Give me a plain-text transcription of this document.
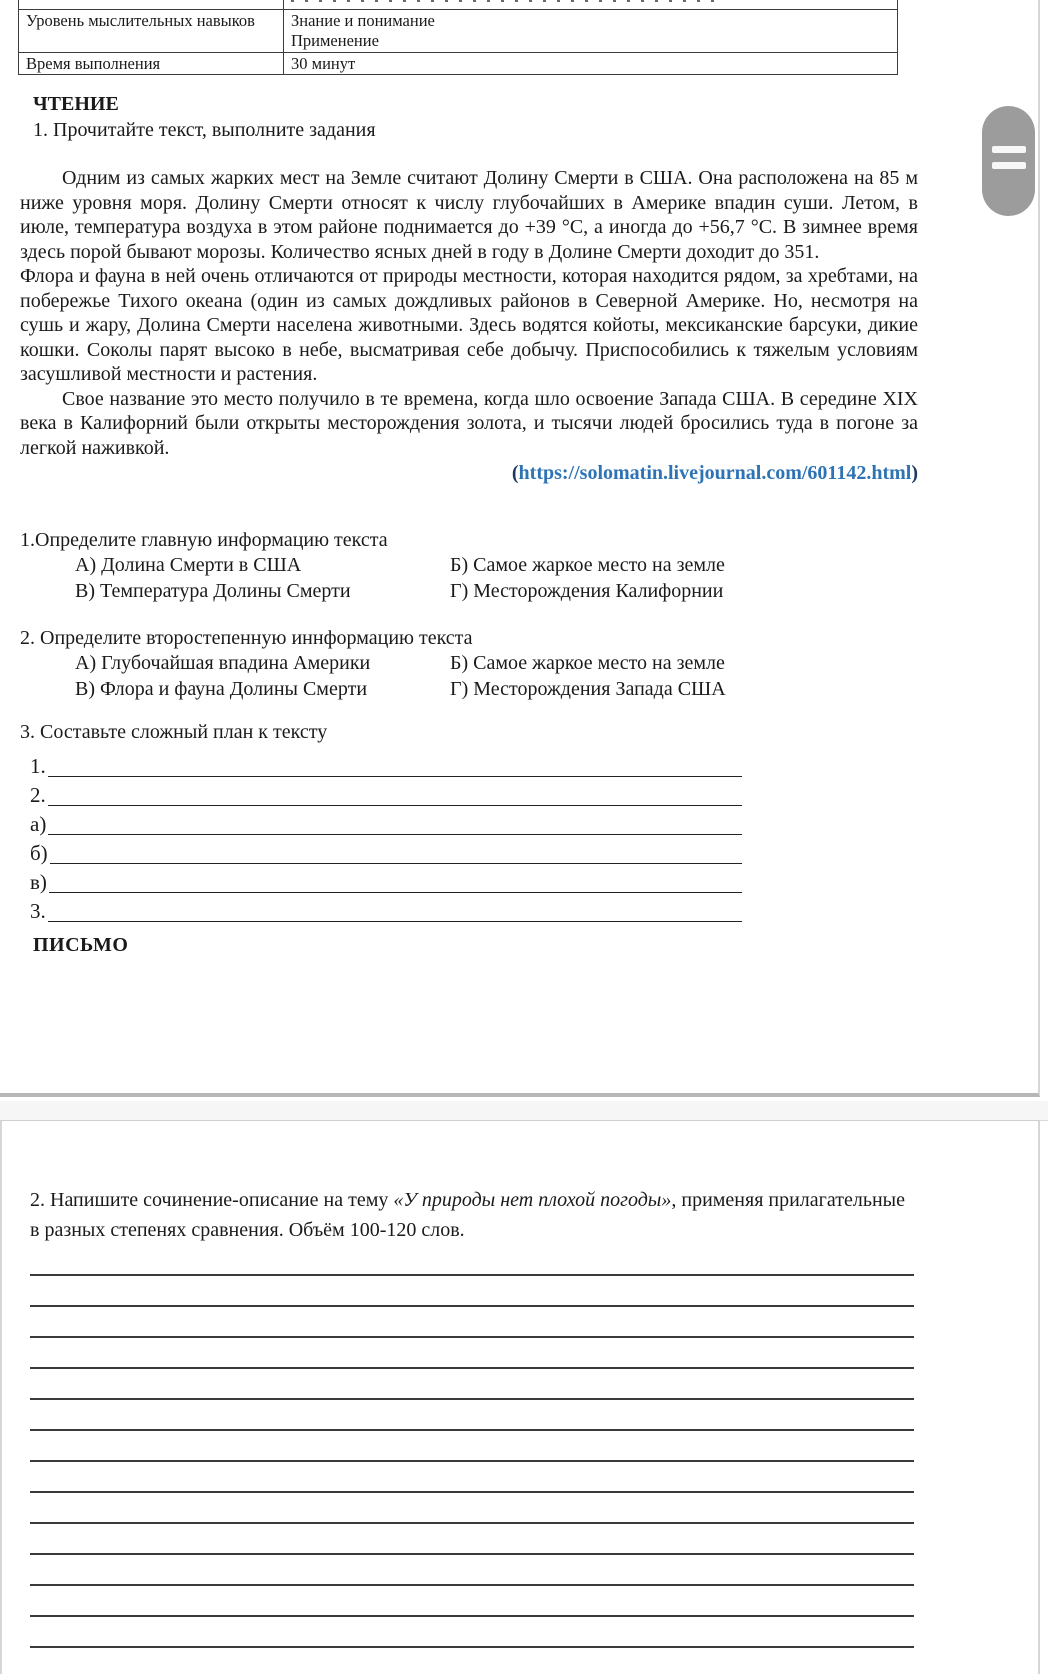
Уровень мыслительных навыков	Знание и понимание
Применение

Время выполнения	30 минут
ЧТЕНИЕ
1. Прочитайте текст, выполните задания

Одним из самых жарких мест на Земле считают Долину Смерти в США. Она расположена на 85 м ниже уровня моря. Долину Смерти относят к числу глубочайших в Америке впадин суши. Летом, в июле, температура воздуха в этом районе поднимается до +39 °С, а иногда до +56,7 °С. В зимнее время здесь порой бывают морозы. Количество ясных дней в году в Долине Смерти доходит до 351.

Флора и фауна в ней очень отличаются от природы местности, которая находится рядом, за хребтами, на побережье Тихого океана (один из самых дождливых районов в Северной Америке. Но, несмотря на сушь и жару, Долина Смерти населена животными. Здесь водятся койоты, мексиканские барсуки, дикие кошки. Соколы парят высоко в небе, высматривая себе добычу. Приспособились к тяжелым условиям засушливой местности и растения.

Свое название это место получило в те времена, когда шло освоение Запада США. В середине XIX века в Калифорний были открыты месторождения золота, и тысячи людей бросились туда в погоне за легкой наживкой.

(https://solomatin.livejournal.com/601142.html)
1.Определите главную информацию текста
А) Долина Смерти в США	Б) Самое жаркое место на земле
В) Температура Долины Смерти	Г) Месторождения Калифорнии
2. Определите второстепенную иннформацию текста
А) Глубочайшая впадина Америки	Б) Самое жаркое место на земле
В) Флора и фауна Долины Смерти	Г) Месторождения Запада США
3. Составьте сложный план к тексту
1.
2.
а)
б)
в)
3.
ПИСЬМО

2. Напишите сочинение-описание на тему «У природы нет плохой погоды», применяя прилагательные в разных степенях сравнения. Объём 100-120 слов.
